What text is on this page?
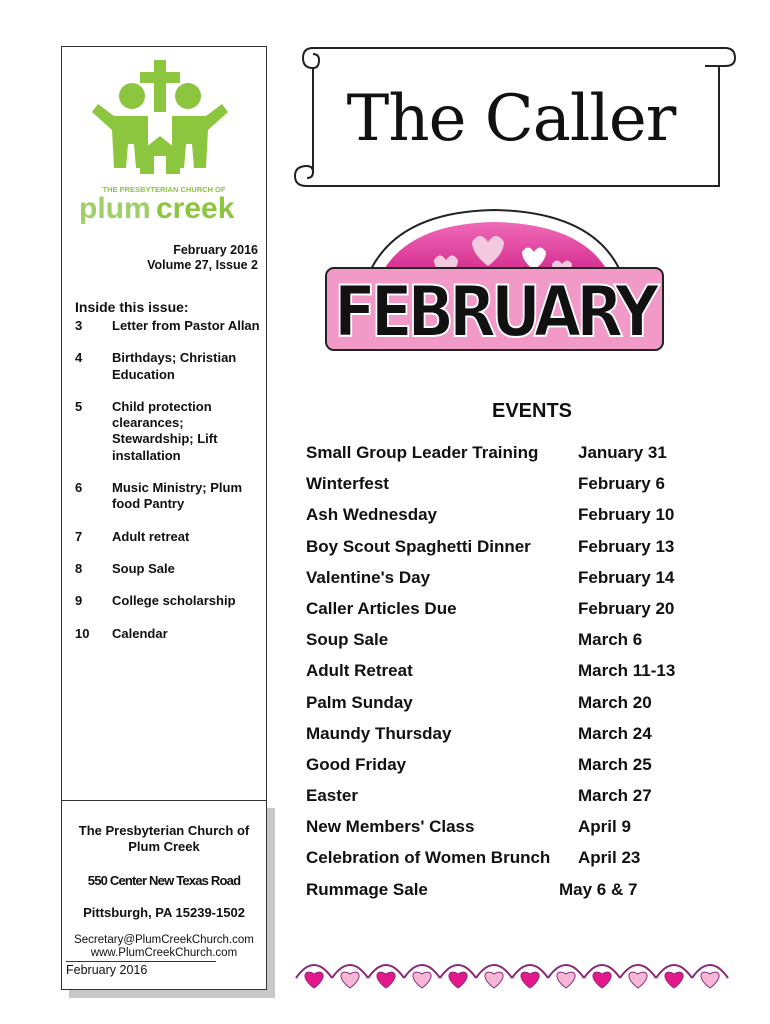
THE PRESBYTERIAN CHURCH OF
plum creek
February 2016
Volume 27, Issue 2
Inside this issue:
3	Letter from Pastor Allan
4	Birthdays; Christian Education
5	Child protection clearances; Stewardship; Lift installation
6	Music Ministry; Plum food Pantry
7	Adult retreat
8	Soup Sale
9	College scholarship
10	Calendar
The Presbyterian Church of Plum Creek
550 Center New Texas Road
Pittsburgh, PA 15239-1502
Secretary@PlumCreekChurch.com
www.PlumCreekChurch.com
February 2016
The Caller
FEBRUARY
EVENTS
Small Group Leader Training January 31
Winterfest	February 6
Ash Wednesday	February 10
Boy Scout Spaghetti Dinner	February 13
Valentine's Day	February 14
Caller Articles Due	February 20
Soup Sale	March 6
Adult Retreat	March 11-13
Palm Sunday	March 20
Maundy Thursday	March 24
Good Friday	March 25
Easter	March 27
New Members' Class	April 9
Celebration of Women Brunch April 23
Rummage Sale	May 6 & 7
